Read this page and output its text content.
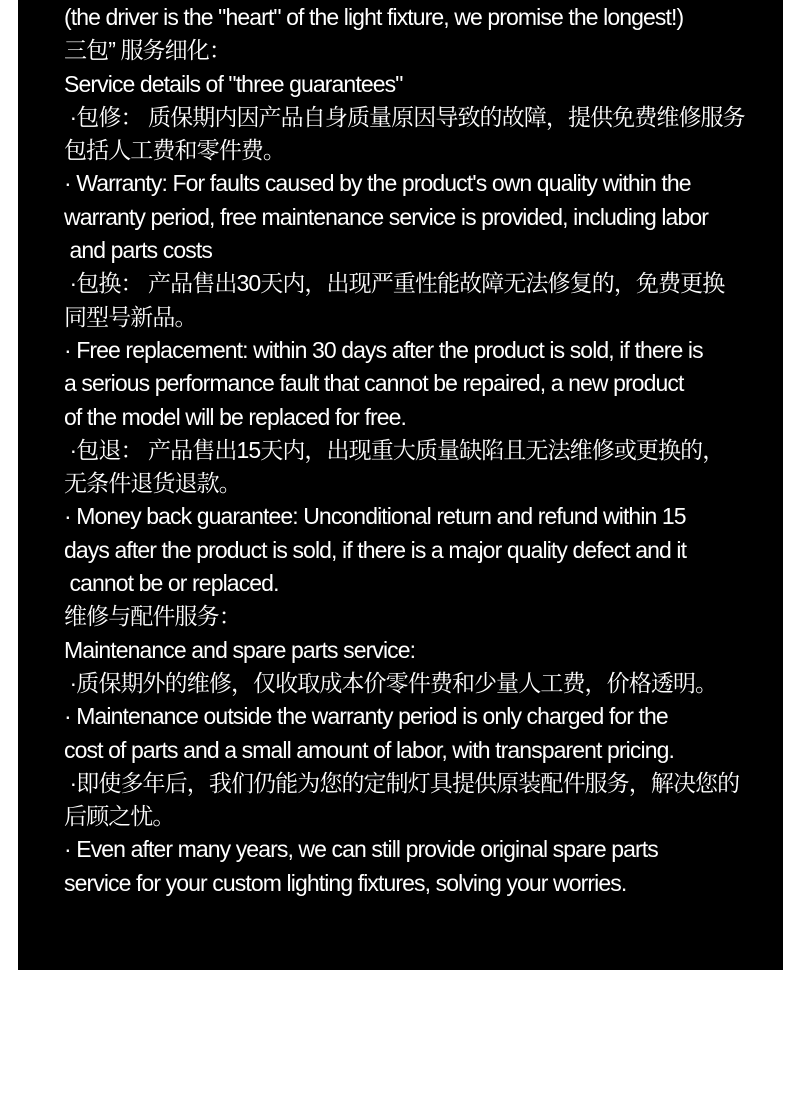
(the driver is the "heart" of the light fixture, we promise the longest!)
三包” 服务细化：
Service details of "three guarantees"
·包修： 质保期内因产品自身质量原因导致的故障，提供免费维修服务
包括人工费和零件费。
· Warranty: For faults caused by the product's own quality within the
warranty period, free maintenance service is provided, including labor
and parts costs
·包换： 产品售出30天内，出现严重性能故障无法修复的，免费更换
同型号新品。
· Free replacement: within 30 days after the product is sold, if there is
a serious performance fault that cannot be repaired, a new product
of the model will be replaced for free.
·包退： 产品售出15天内，出现重大质量缺陷且无法维修或更换的，
无条件退货退款。
· Money back guarantee: Unconditional return and refund within 15
days after the product is sold, if there is a major quality defect and it
cannot be or replaced.
维修与配件服务：
Maintenance and spare parts service:
·质保期外的维修，仅收取成本价零件费和少量人工费，价格透明。
· Maintenance outside the warranty period is only charged for the
cost of parts and a small amount of labor, with transparent pricing.
·即使多年后，我们仍能为您的定制灯具提供原装配件服务，解决您的
后顾之忧。
· Even after many years, we can still provide original spare parts
service for your custom lighting fixtures, solving your worries.
